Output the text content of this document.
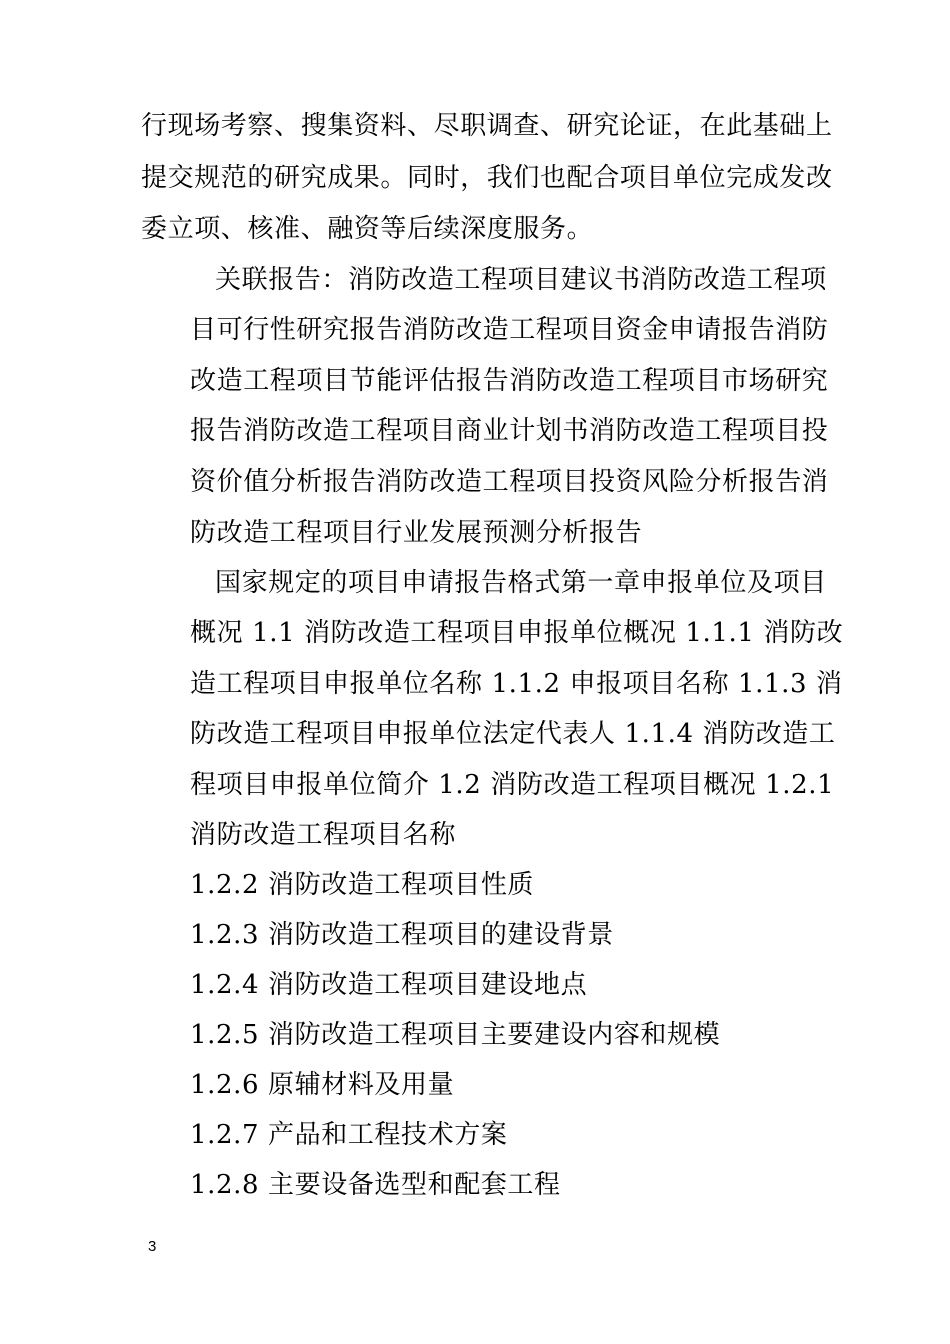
行现场考察、搜集资料、尽职调查、研究论证，在此基础上
提交规范的研究成果。同时，我们也配合项目单位完成发改
委立项、核准、融资等后续深度服务。
关联报告：消防改造工程项目建议书消防改造工程项
目可行性研究报告消防改造工程项目资金申请报告消防
改造工程项目节能评估报告消防改造工程项目市场研究
报告消防改造工程项目商业计划书消防改造工程项目投
资价值分析报告消防改造工程项目投资风险分析报告消
防改造工程项目行业发展预测分析报告
国家规定的项目申请报告格式第一章申报单位及项目
概况 1.1 消防改造工程项目申报单位概况 1.1.1 消防改
造工程项目申报单位名称 1.1.2 申报项目名称 1.1.3 消
防改造工程项目申报单位法定代表人 1.1.4 消防改造工
程项目申报单位简介 1.2 消防改造工程项目概况 1.2.1
消防改造工程项目名称
1.2.2 消防改造工程项目性质
1.2.3 消防改造工程项目的建设背景
1.2.4 消防改造工程项目建设地点
1.2.5 消防改造工程项目主要建设内容和规模
1.2.6 原辅材料及用量
1.2.7 产品和工程技术方案
1.2.8 主要设备选型和配套工程
3
